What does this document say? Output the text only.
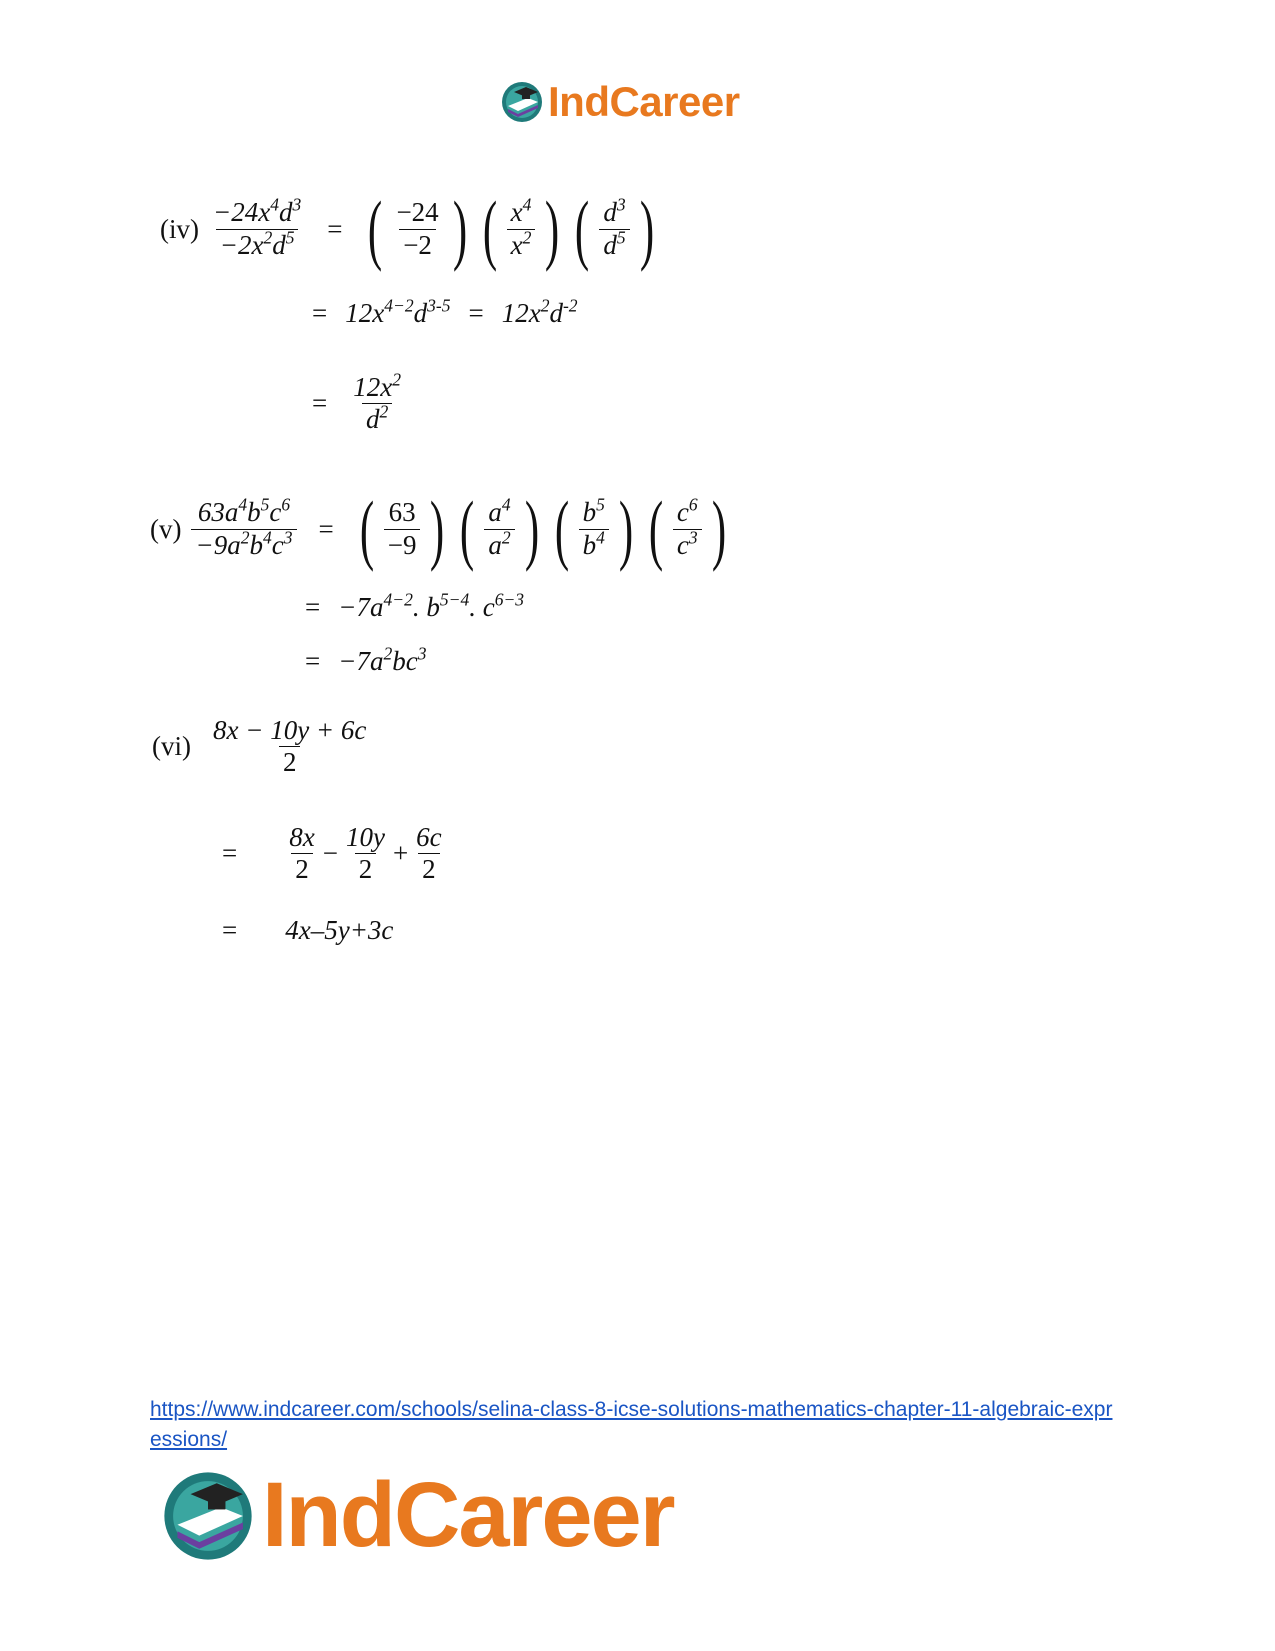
IndCareer
$(iv) \frac{-24x^4d^3}{-2x^2d^5}$ = ( $\frac{-24}{-2}$
) ( $\frac{x^4}{x^2}$
) ( $\frac{d^3}{d^5}$
)
= $12x^{4-2}d^{3-5} = 12x^2d^{-2}$
= $\frac{12x^2}{d^2}$
$(v) \frac{63a^4b^5c^6}{-9a^2b^4c^3}$ = ( $\frac{63}{-9}$
) ( $\frac{a^4}{a^2}$
) ( $\frac{b^5}{b^4}$
) ( $\frac{c^6}{c^3}$
)
= $-7a^{4-2}$. $b^{5-4}$. $c^{6-3}$
= $-7a^2bc^3$
$(vi) \frac{8x - 10y + 6c}{2}$
= $\frac{8x}{2} - \frac{10y}{2} + \frac{6c}{2}$
= 4x–5y+3c
https://www.indcareer.com/schools/selina-class-8-icse-solutions-mathematics-chapter-11-algebraic-expressions/
IndCareer
